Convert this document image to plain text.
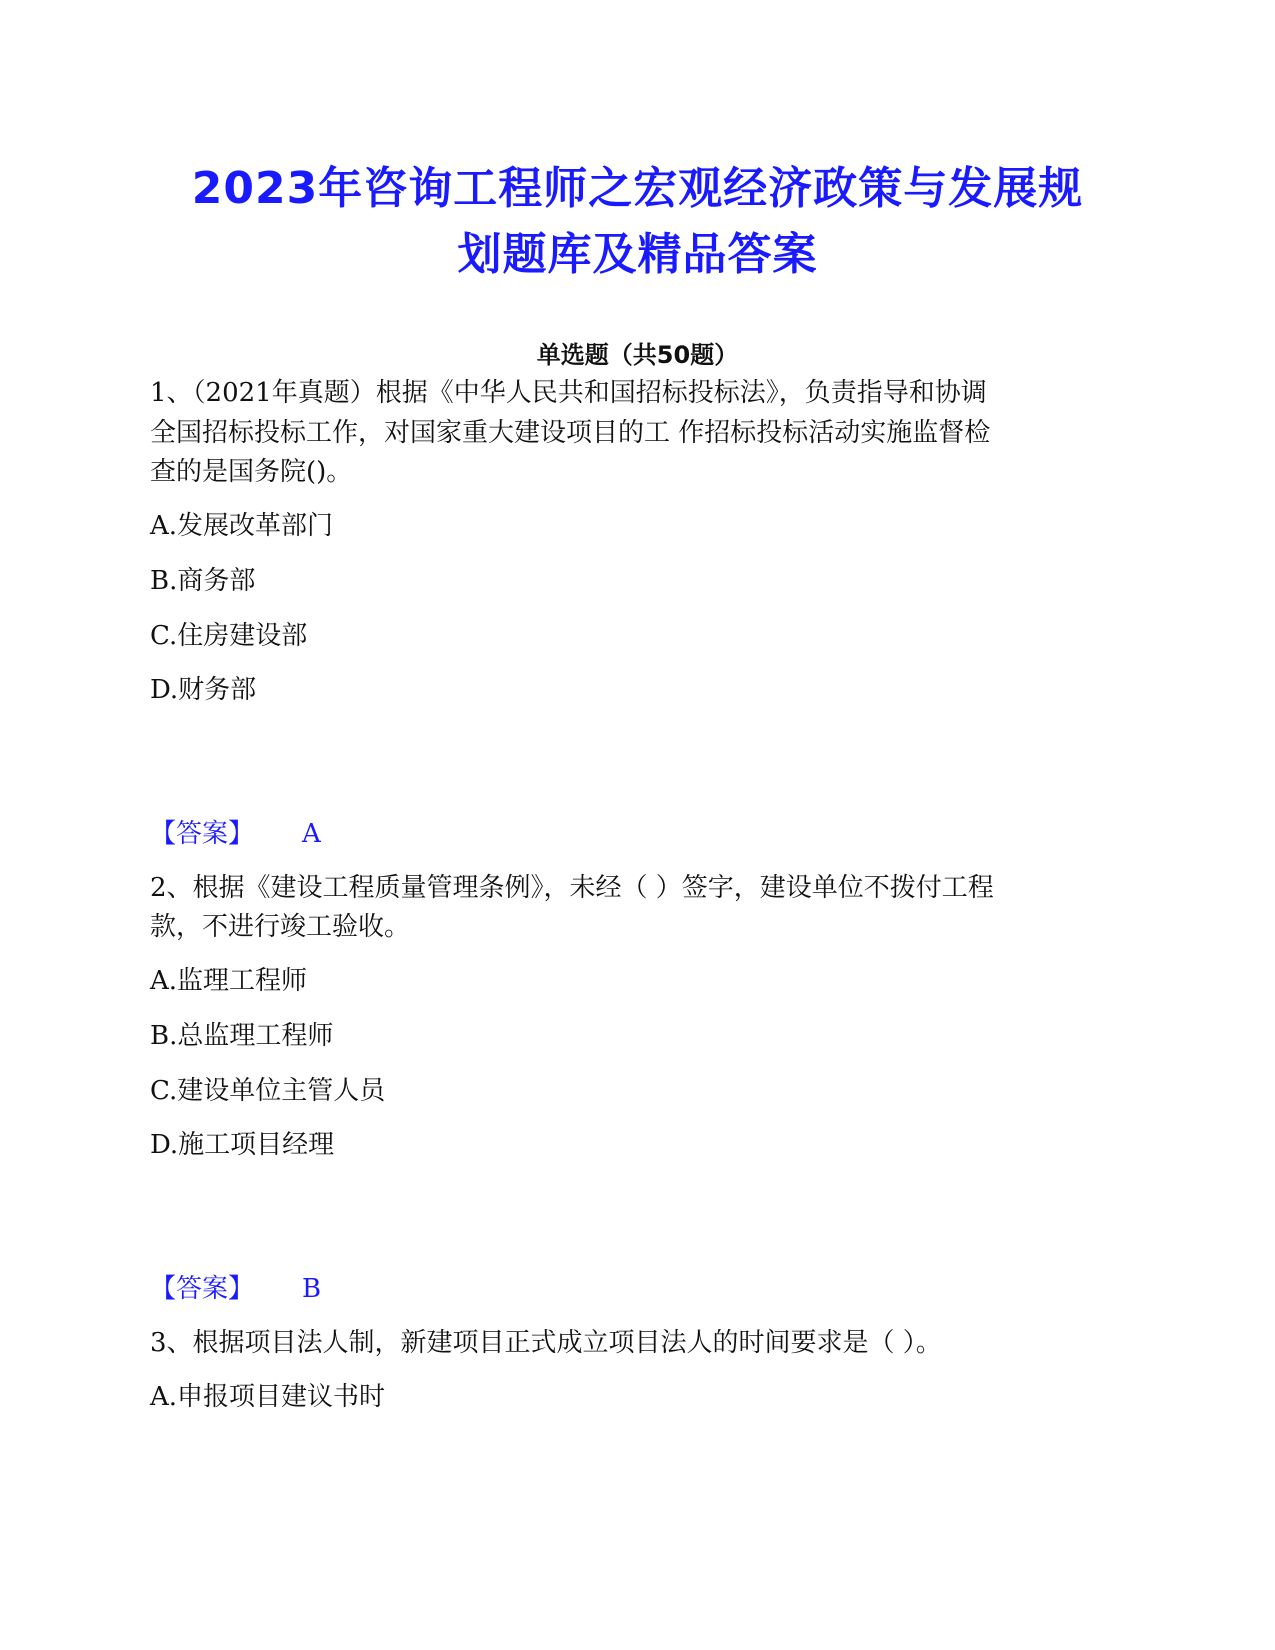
2023年咨询工程师之宏观经济政策与发展规
划题库及精品答案
单选题（共50题）
1、（2021年真题）根据《中华人民共和国招标投标法》，负责指导和协调
全国招标投标工作，对国家重大建设项目的工 作招标投标活动实施监督检
查的是国务院()。
A.发展改革部门
B.商务部
C.住房建设部
D.财务部
【答案】 A
2、根据《建设工程质量管理条例》，未经（ ）签字，建设单位不拨付工程
款，不进行竣工验收。
A.监理工程师
B.总监理工程师
C.建设单位主管人员
D.施工项目经理
【答案】 B
3、根据项目法人制，新建项目正式成立项目法人的时间要求是（ ）。
A.申报项目建议书时
